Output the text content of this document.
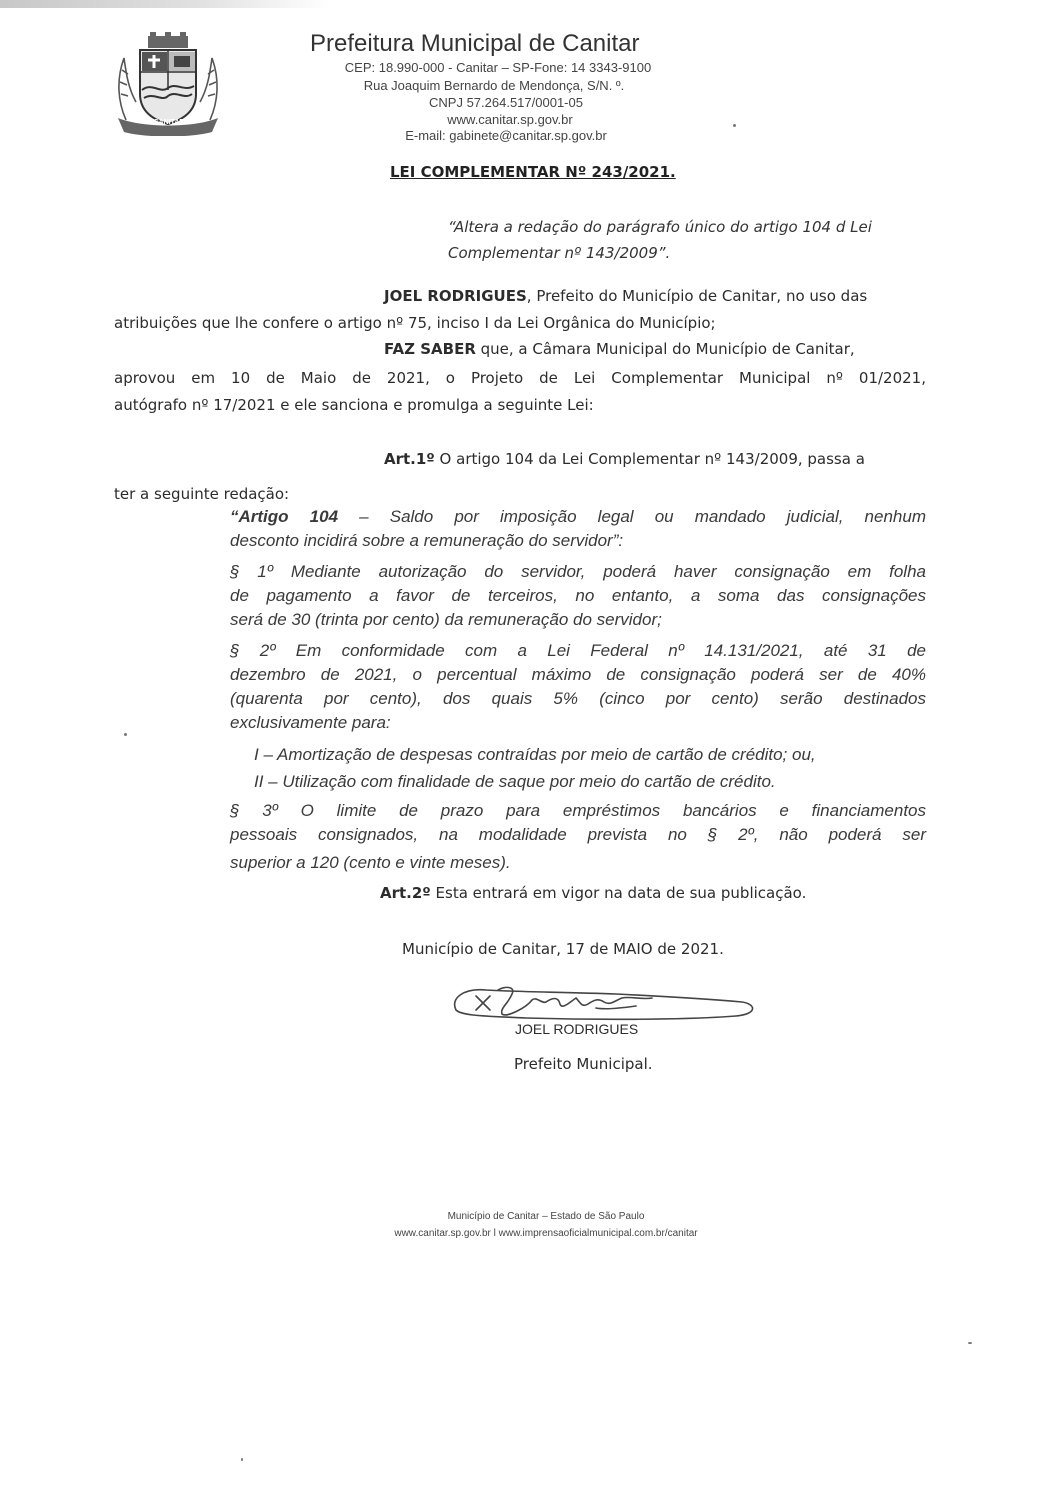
CANITAR
Prefeitura Municipal de Canitar
CEP: 18.990-000 - Canitar – SP-Fone: 14 3343-9100
Rua Joaquim Bernardo de Mendonça, S/N. º.
CNPJ 57.264.517/0001-05
www.canitar.sp.gov.br
E-mail: gabinete@canitar.sp.gov.br
LEI COMPLEMENTAR Nº 243/2021.
“Altera a redação do parágrafo único do artigo 104 d Lei Complementar nº 143/2009”.
JOEL RODRIGUES, Prefeito do Município de Canitar, no uso das
atribuições que lhe confere o artigo nº 75, inciso I da Lei Orgânica do Município;
FAZ SABER que, a Câmara Municipal do Município de Canitar,
aprovou em 10 de Maio de 2021, o Projeto de Lei Complementar Municipal nº 01/2021,
autógrafo nº 17/2021 e ele sanciona e promulga a seguinte Lei:
Art.1º O artigo 104 da Lei Complementar nº 143/2009, passa a
ter a seguinte redação:
“Artigo 104 – Saldo por imposição legal ou mandado judicial, nenhum
desconto incidirá sobre a remuneração do servidor”:
§ 1º Mediante autorização do servidor, poderá haver consignação em folha
de pagamento a favor de terceiros, no entanto, a soma das consignações
será de 30 (trinta por cento) da remuneração do servidor;
§ 2º Em conformidade com a Lei Federal nº 14.131/2021, até 31 de
dezembro de 2021, o percentual máximo de consignação poderá ser de 40%
(quarenta por cento), dos quais 5% (cinco por cento) serão destinados
exclusivamente para:
I – Amortização de despesas contraídas por meio de cartão de crédito; ou,
II – Utilização com finalidade de saque por meio do cartão de crédito.
§ 3º O limite de prazo para empréstimos bancários e financiamentos
pessoais consignados, na modalidade prevista no § 2º, não poderá ser
superior a 120 (cento e vinte meses).
Art.2º Esta entrará em vigor na data de sua publicação.
Município de Canitar, 17 de MAIO de 2021.
JOEL RODRIGUES
Prefeito Municipal.
Município de Canitar – Estado de São Paulo
www.canitar.sp.gov.br l www.imprensaoficialmunicipal.com.br/canitar
